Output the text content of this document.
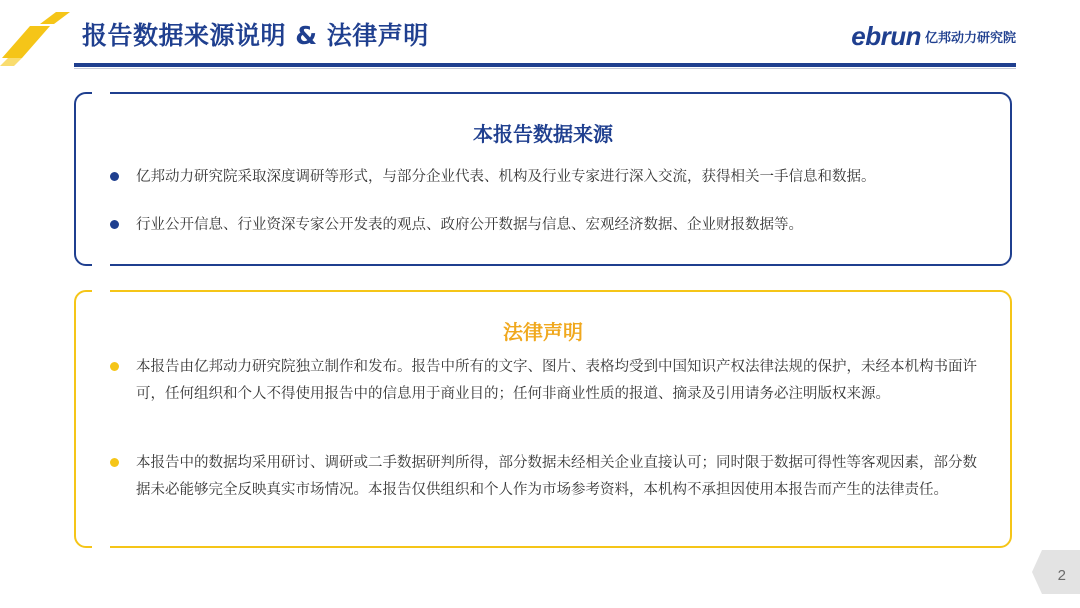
报告数据来源说明 & 法律声明	ebrun 亿邦动力研究院
本报告数据来源
亿邦动力研究院采取深度调研等形式，与部分企业代表、机构及行业专家进行深入交流，获得相关一手信息和数据。
行业公开信息、行业资深专家公开发表的观点、政府公开数据与信息、宏观经济数据、企业财报数据等。
法律声明
本报告由亿邦动力研究院独立制作和发布。报告中所有的文字、图片、表格均受到中国知识产权法律法规的保护，未经本机构书面许可，任何组织和个人不得使用报告中的信息用于商业目的；任何非商业性质的报道、摘录及引用请务必注明版权来源。
本报告中的数据均采用研讨、调研或二手数据研判所得，部分数据未经相关企业直接认可；同时限于数据可得性等客观因素，部分数据未必能够完全反映真实市场情况。本报告仅供组织和个人作为市场参考资料，本机构不承担因使用本报告而产生的法律责任。
2
